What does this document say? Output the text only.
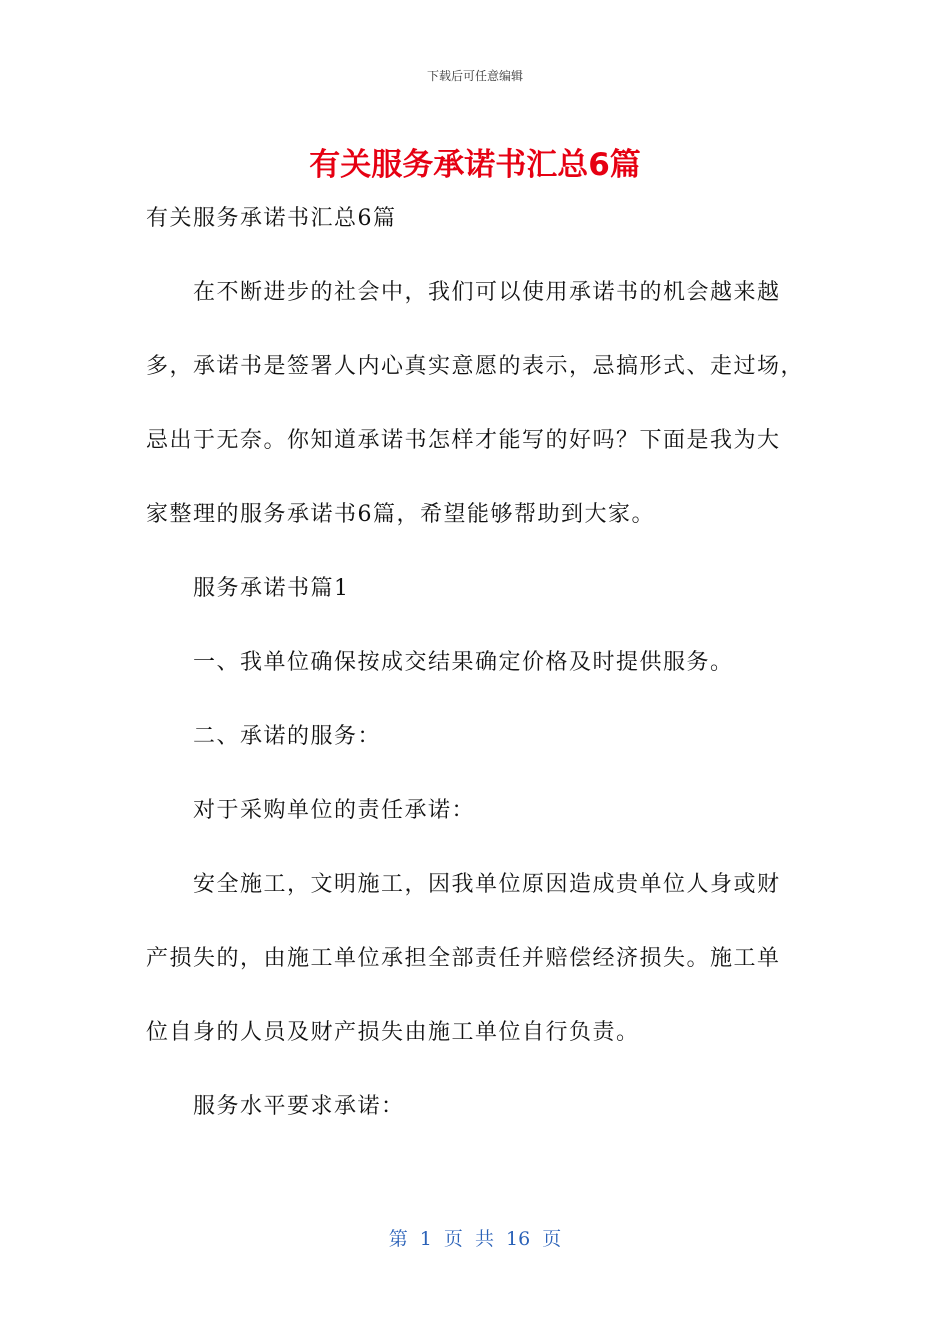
下载后可任意编辑
有关服务承诺书汇总6篇
有关服务承诺书汇总6篇
在不断进步的社会中，我们可以使用承诺书的机会越来越
多，承诺书是签署人内心真实意愿的表示，忌搞形式、走过场，
忌出于无奈。你知道承诺书怎样才能写的好吗？下面是我为大
家整理的服务承诺书6篇，希望能够帮助到大家。
服务承诺书篇1
一、我单位确保按成交结果确定价格及时提供服务。
二、承诺的服务：
对于采购单位的责任承诺：
安全施工，文明施工，因我单位原因造成贵单位人身或财
产损失的，由施工单位承担全部责任并赔偿经济损失。施工单
位自身的人员及财产损失由施工单位自行负责。
服务水平要求承诺：
第 1 页 共 16 页
